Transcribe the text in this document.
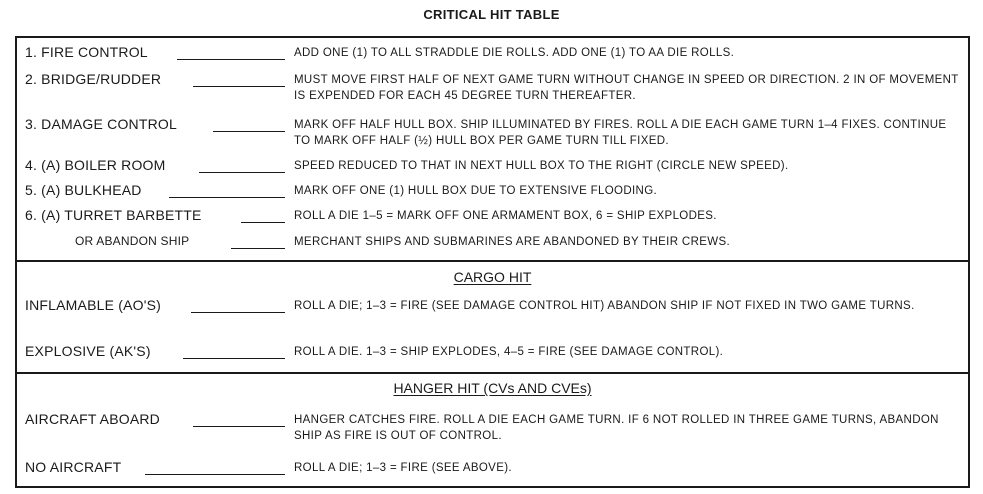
CRITICAL HIT TABLE
1. FIRE CONTROL	ADD ONE (1) TO ALL STRADDLE DIE ROLLS. ADD ONE (1) TO AA DIE ROLLS.
2. BRIDGE/RUDDER	MUST MOVE FIRST HALF OF NEXT GAME TURN WITHOUT CHANGE IN SPEED OR DIRECTION. 2 IN OF MOVEMENT IS EXPENDED FOR EACH 45 DEGREE TURN THEREAFTER.
3. DAMAGE CONTROL	MARK OFF HALF HULL BOX. SHIP ILLUMINATED BY FIRES. ROLL A DIE EACH GAME TURN 1–4 FIXES. CONTINUE TO MARK OFF HALF (½) HULL BOX PER GAME TURN TILL FIXED.
4. (A) BOILER ROOM	SPEED REDUCED TO THAT IN NEXT HULL BOX TO THE RIGHT (CIRCLE NEW SPEED).
5. (A) BULKHEAD	MARK OFF ONE (1) HULL BOX DUE TO EXTENSIVE FLOODING.
6. (A) TURRET BARBETTE	ROLL A DIE 1–5 = MARK OFF ONE ARMAMENT BOX, 6 = SHIP EXPLODES.
OR ABANDON SHIP	MERCHANT SHIPS AND SUBMARINES ARE ABANDONED BY THEIR CREWS.
CARGO HIT
INFLAMABLE (AO'S)	ROLL A DIE; 1–3 = FIRE (SEE DAMAGE CONTROL HIT) ABANDON SHIP IF NOT FIXED IN TWO GAME TURNS.
EXPLOSIVE (AK'S)	ROLL A DIE. 1–3 = SHIP EXPLODES, 4–5 = FIRE (SEE DAMAGE CONTROL).
HANGER HIT (CVs AND CVEs)
AIRCRAFT ABOARD	HANGER CATCHES FIRE. ROLL A DIE EACH GAME TURN. IF 6 NOT ROLLED IN THREE GAME TURNS, ABANDON SHIP AS FIRE IS OUT OF CONTROL.
NO AIRCRAFT	ROLL A DIE; 1–3 = FIRE (SEE ABOVE).
